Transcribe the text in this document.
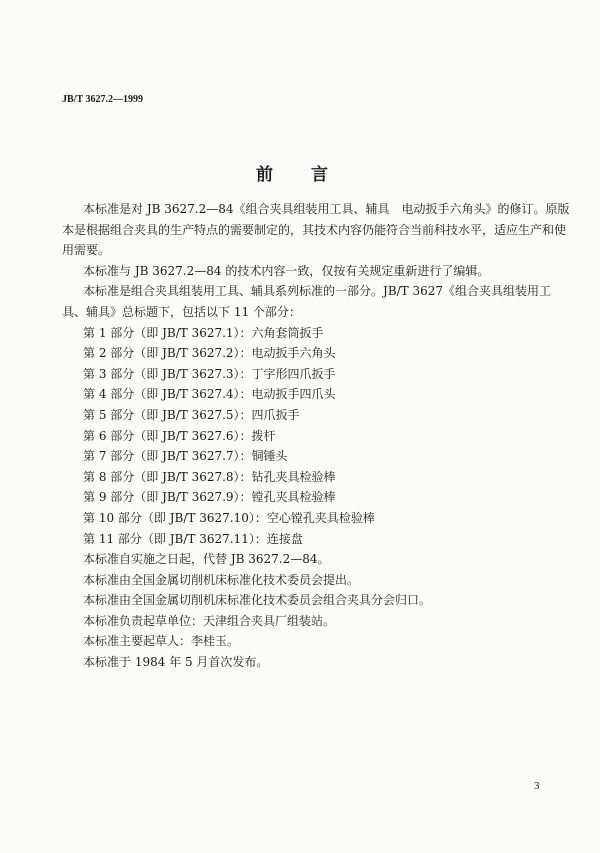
JB/T 3627.2—1999
前 言

本标准是对 JB 3627.2—84《组合夹具组装用工具、辅具　电动扳手六角头》的修订。原版本是根据组合夹具的生产特点的需要制定的，其技术内容仍能符合当前科技水平，适应生产和使用需要。

本标准与 JB 3627.2—84 的技术内容一致，仅按有关规定重新进行了编辑。

本标准是组合夹具组装用工具、辅具系列标准的一部分。JB/T 3627《组合夹具组装用工具、辅具》总标题下，包括以下 11 个部分：

第 1 部分（即 JB/T 3627.1）：六角套筒扳手
第 2 部分（即 JB/T 3627.2）：电动扳手六角头
第 3 部分（即 JB/T 3627.3）：丁字形四爪扳手
第 4 部分（即 JB/T 3627.4）：电动扳手四爪头
第 5 部分（即 JB/T 3627.5）：四爪扳手
第 6 部分（即 JB/T 3627.6）：拨杆
第 7 部分（即 JB/T 3627.7）：铜锤头
第 8 部分（即 JB/T 3627.8）：钻孔夹具检验棒
第 9 部分（即 JB/T 3627.9）：镗孔夹具检验棒
第 10 部分（即 JB/T 3627.10）：空心镗孔夹具检验棒
第 11 部分（即 JB/T 3627.11）：连接盘
本标准自实施之日起，代替 JB 3627.2—84。
本标准由全国金属切削机床标准化技术委员会提出。
本标准由全国金属切削机床标准化技术委员会组合夹具分会归口。
本标准负责起草单位：天津组合夹具厂组装站。
本标准主要起草人：李桂玉。
本标准于 1984 年 5 月首次发布。
3
